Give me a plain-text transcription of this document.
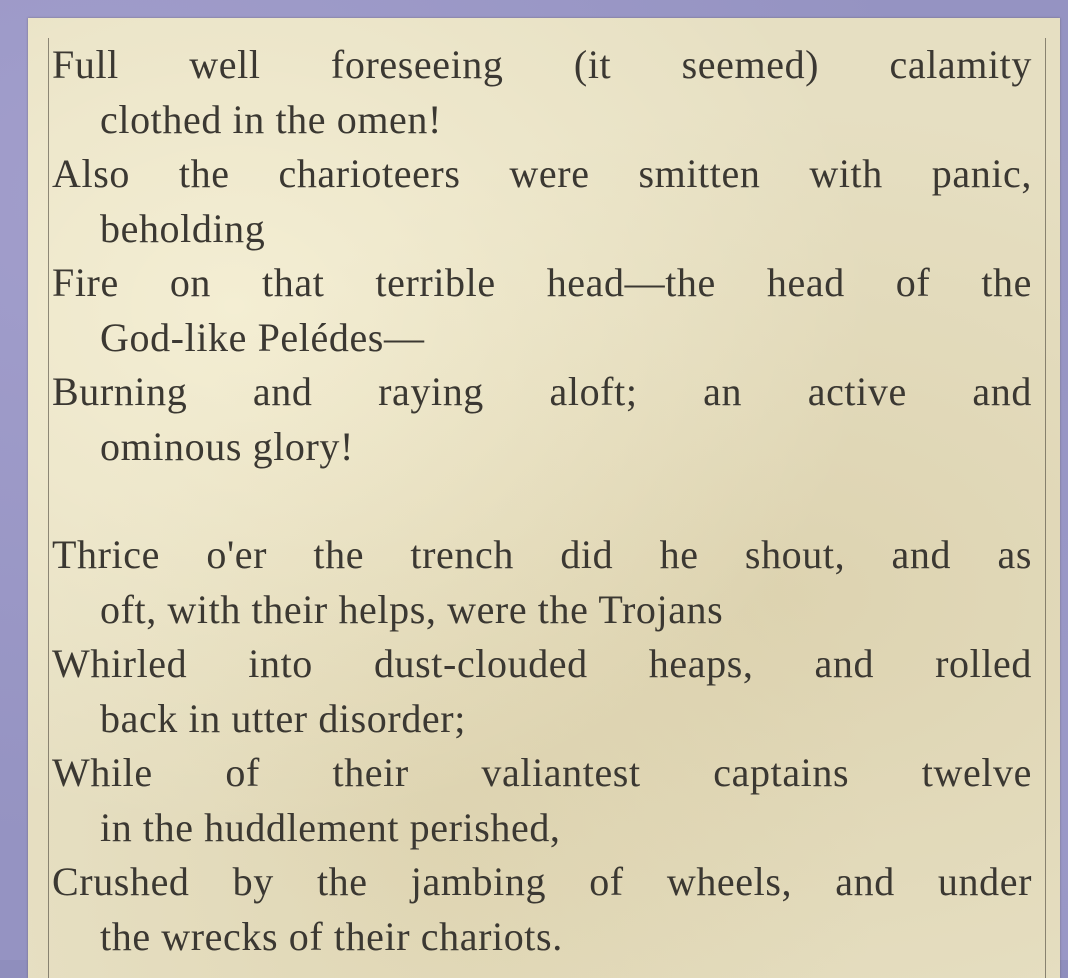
Full well foreseeing (it seemed) calamity
clothed in the omen!
Also the charioteers were smitten with panic,
beholding
Fire on that terrible head—the head of the
God-like Pelédes—
Burning and raying aloft; an active and
ominous glory!
Thrice o'er the trench did he shout, and as
oft, with their helps, were the Trojans
Whirled into dust-clouded heaps, and rolled
back in utter disorder;
While of their valiantest captains twelve
in the huddlement perished,
Crushed by the jambing of wheels, and under
the wrecks of their chariots.
